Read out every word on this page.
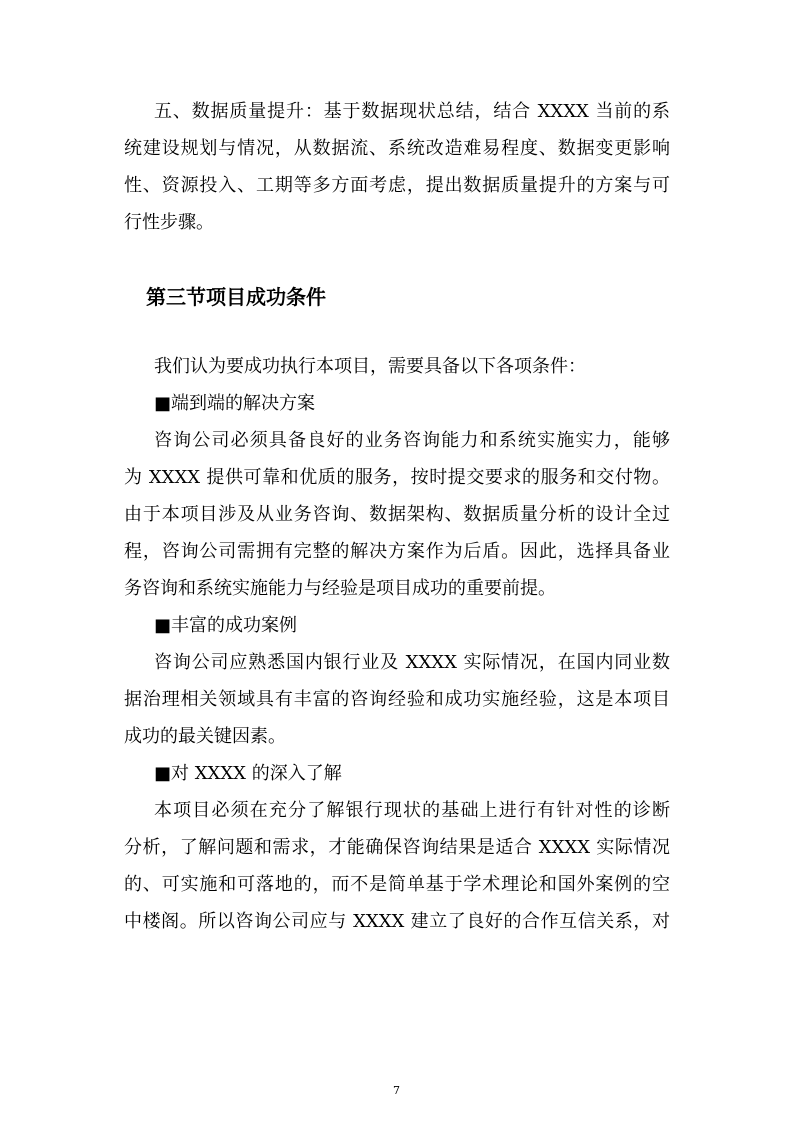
五、数据质量提升：基于数据现状总结，结合 XXXX 当前的系
统建设规划与情况，从数据流、系统改造难易程度、数据变更影响
性、资源投入、工期等多方面考虑，提出数据质量提升的方案与可
行性步骤。
第三节项目成功条件
我们认为要成功执行本项目，需要具备以下各项条件：
■端到端的解决方案
咨询公司必须具备良好的业务咨询能力和系统实施实力，能够
为 XXXX 提供可靠和优质的服务，按时提交要求的服务和交付物。
由于本项目涉及从业务咨询、数据架构、数据质量分析的设计全过
程，咨询公司需拥有完整的解决方案作为后盾。因此，选择具备业
务咨询和系统实施能力与经验是项目成功的重要前提。
■丰富的成功案例
咨询公司应熟悉国内银行业及 XXXX 实际情况，在国内同业数
据治理相关领域具有丰富的咨询经验和成功实施经验，这是本项目
成功的最关键因素。
■对 XXXX 的深入了解
本项目必须在充分了解银行现状的基础上进行有针对性的诊断
分析，了解问题和需求，才能确保咨询结果是适合 XXXX 实际情况
的、可实施和可落地的，而不是简单基于学术理论和国外案例的空
中楼阁。所以咨询公司应与 XXXX 建立了良好的合作互信关系，对
7
